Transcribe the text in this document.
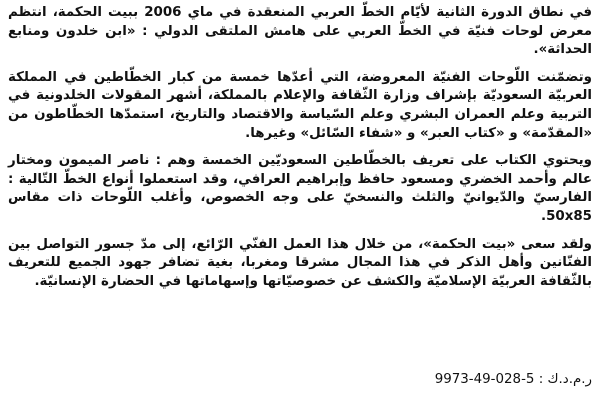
في نطاق الدورة الثانية لأيّام الخطّ العربي المنعقدة في ماي 2006 ببيت الحكمة، انتظم معرض لوحات فنيّة في الخطّ العربي على هامش الملتقى الدولي : «ابن خلدون ومنابع الحداثة».

وتضمّنت اللّوحات الفنيّة المعروضة، التي أعدّها خمسة من كبار الخطّاطين في المملكة العربيّة السعوديّة بإشراف وزارة الثّقافة والإعلام بالمملكة، أشهر المقولات الخلدونية في التربية وعلم العمران البشري وعلم السّياسة والاقتصاد والتاريخ، استمدّها الخطّاطون من «المقدّمة» و «كتاب العبر» و «شفاء السّائل» وغيرها.

ويحتوي الكتاب على تعريف بالخطّاطين السعوديّين الخمسة وهم : ناصر الميمون ومختار عالم وأحمد الخضري ومسعود حافظ وإبراهيم العرافي، وقد استعملوا أنواع الخطّ التّالية : الفارسيّ والدّيوانيّ والثلث والنسخيّ على وجه الخصوص، وأغلب اللّوحات ذات مقاس 50x85.

ولقد سعى «بيت الحكمة»، من خلال هذا العمل الفنّي الرّائع، إلى مدّ جسور التواصل بين الفنّانين وأهل الذكر في هذا المجال مشرقا ومغربا، بغية تضافر جهود الجميع للتعريف بالثّقافة العربيّة الإسلاميّة والكشف عن خصوصيّاتها وإسهاماتها في الحضارة الإنسانيّة.

ر.م.د.ك : 5-028-49-9973
